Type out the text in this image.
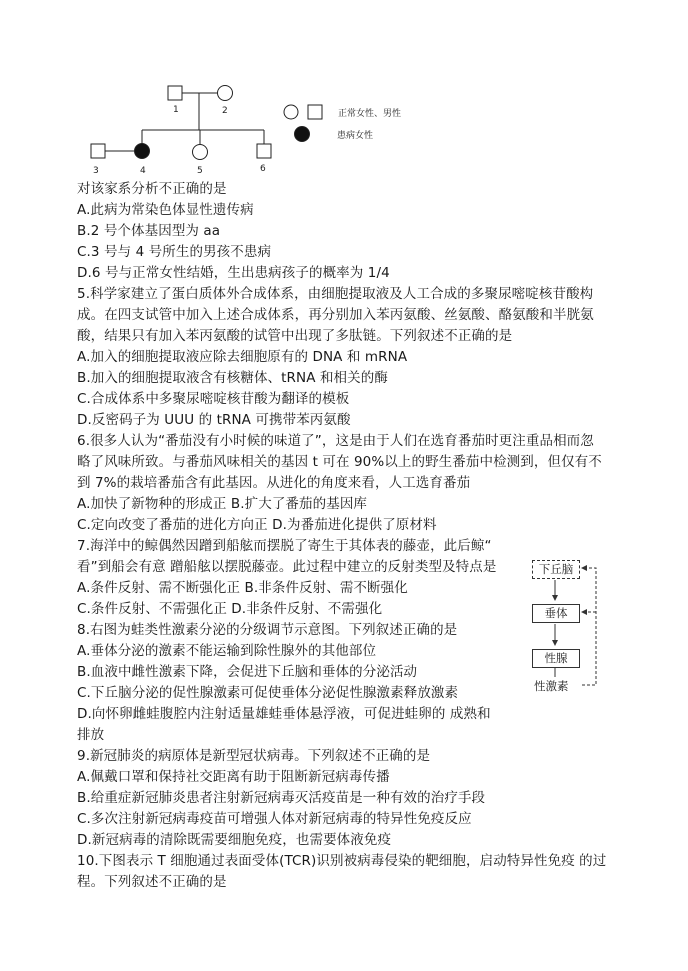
1	2
3	4	5	6
正常女性、男性
患病女性
对该家系分析不正确的是
A.此病为常染色体显性遗传病
B.2 号个体基因型为 aa
C.3 号与 4 号所生的男孩不患病
D.6 号与正常女性结婚，生出患病孩子的概率为 1/4
5.科学家建立了蛋白质体外合成体系，由细胞提取液及人工合成的多聚尿嘧啶核苷酸构
成。在四支试管中加入上述合成体系，再分别加入苯丙氨酸、丝氨酸、酪氨酸和半胱氨
酸，结果只有加入苯丙氨酸的试管中出现了多肽链。下列叙述不正确的是
A.加入的细胞提取液应除去细胞原有的 DNA 和 mRNA
B.加入的细胞提取液含有核糖体、tRNA 和相关的酶
C.合成体系中多聚尿嘧啶核苷酸为翻译的模板
D.反密码子为 UUU 的 tRNA 可携带苯丙氨酸
6.很多人认为“番茄没有小时候的味道了”，这是由于人们在选育番茄时更注重品相而忽
略了风味所致。与番茄风味相关的基因 t 可在 90%以上的野生番茄中检测到，但仅有不
到 7%的栽培番茄含有此基因。从进化的角度来看，人工选育番茄
A.加快了新物种的形成正 B.扩大了番茄的基因库
C.定向改变了番茄的进化方向正 D.为番茄进化提供了原材料
7.海洋中的鲸偶然因蹭到船舷而摆脱了寄生于其体表的藤壶，此后鲸“
看”到船会有意 蹭船舷以摆脱藤壶。此过程中建立的反射类型及特点是
A.条件反射、需不断强化正 B.非条件反射、需不断强化
C.条件反射、不需强化正 D.非条件反射、不需强化
8.右图为蛙类性激素分泌的分级调节示意图。下列叙述正确的是
A.垂体分泌的激素不能运输到除性腺外的其他部位
B.血液中雌性激素下降，会促进下丘脑和垂体的分泌活动
C.下丘脑分泌的促性腺激素可促使垂体分泌促性腺激素释放激素
D.向怀卵雌蛙腹腔内注射适量雄蛙垂体悬浮液，可促进蛙卵的 成熟和
排放
9.新冠肺炎的病原体是新型冠状病毒。下列叙述不正确的是
A.佩戴口罩和保持社交距离有助于阻断新冠病毒传播
B.给重症新冠肺炎患者注射新冠病毒灭活疫苗是一种有效的治疗手段
C.多次注射新冠病毒疫苗可增强人体对新冠病毒的特异性免疫反应
D.新冠病毒的清除既需要细胞免疫，也需要体液免疫
10.下图表示 T 细胞通过表面受体(TCR)识别被病毒侵染的靶细胞，启动特异性免疫 的过
程。下列叙述不正确的是
下丘脑
垂体
性腺
性激素
